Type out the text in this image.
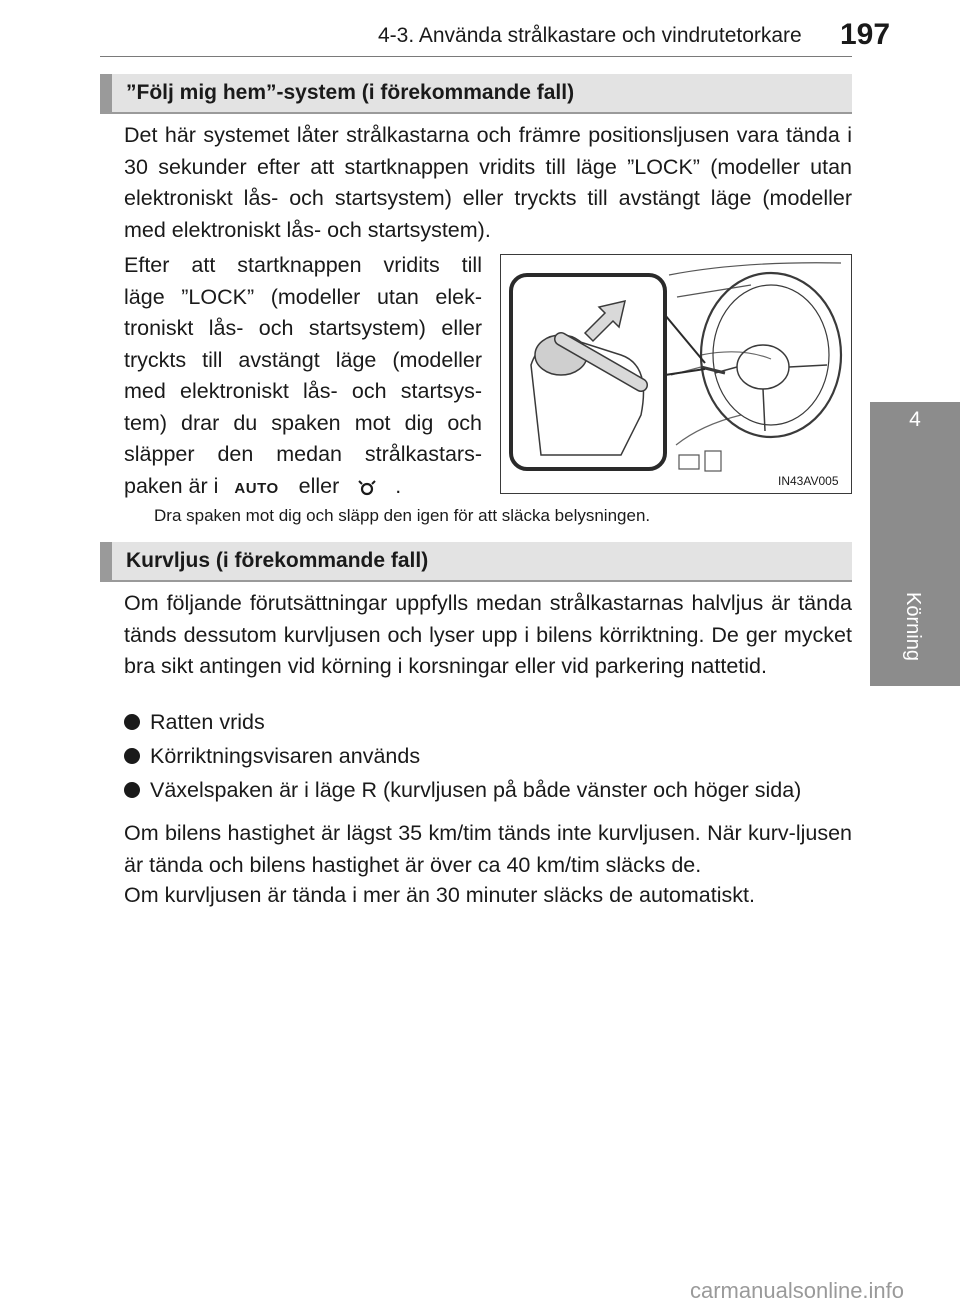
4-3. Använda strålkastare och vindrutetorkare 197
4
Körning
”Följ mig hem”-system (i förekommande fall)
Det här systemet låter strålkastarna och främre positionsljusen vara tända i 30 sekunder efter att startknappen vridits till läge ”LOCK” (modeller utan elektroniskt lås- och startsystem) eller tryckts till avstängt läge (modeller med elektroniskt lås- och startsystem).
Efter att startknappen vridits till
läge ”LOCK” (modeller utan elek-
troniskt lås- och startsystem) eller
tryckts till avstängt läge (modeller
med elektroniskt lås- och startsys-
tem) drar du spaken mot dig och
släpper den medan strålkastars-
paken är i AUTO eller	.	IN43AV005
Dra spaken mot dig och släpp den igen för att släcka belysningen.
Kurvljus (i förekommande fall)
Om följande förutsättningar uppfylls medan strålkastarnas halvljus är tända tänds dessutom kurvljusen och lyser upp i bilens körriktning. De ger mycket bra sikt antingen vid körning i korsningar eller vid parkering nattetid.
Ratten vrids
Körriktningsvisaren används
Växelspaken är i läge R (kurvljusen på både vänster och höger sida)
Om bilens hastighet är lägst 35 km/tim tänds inte kurvljusen. När kurv-ljusen är tända och bilens hastighet är över ca 40 km/tim släcks de.
Om kurvljusen är tända i mer än 30 minuter släcks de automatiskt.
carmanualsonline.info
